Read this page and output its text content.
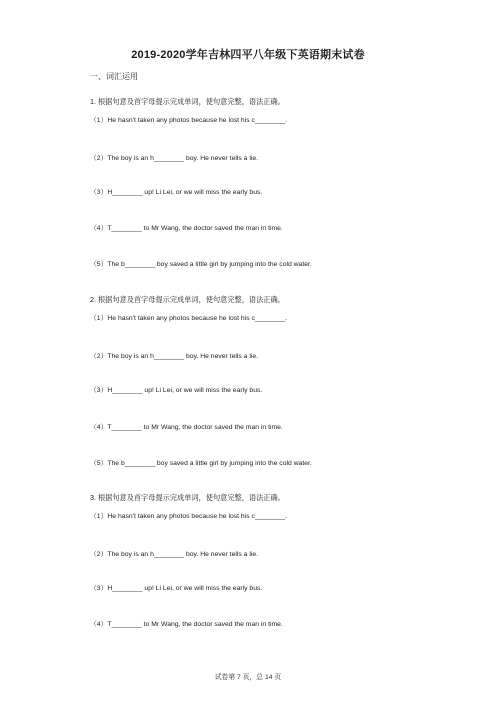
2019-2020学年吉林四平八年级下英语期末试卷
一、词汇运用
1. 根据句意及首字母提示完成单词，使句意完整，语法正确。
（1）He hasn't taken any photos because he lost his c________.
（2）The boy is an h________ boy. He never tells a lie.
（3）H________ up! Li Lei, or we will miss the early bus.
（4）T________ to Mr Wang, the doctor saved the man in time.
（5）The b________ boy saved a little girl by jumping into the cold water.
2. 根据句意及首字母提示完成单词，使句意完整，语法正确。
（1）He hasn't taken any photos because he lost his c________.
（2）The boy is an h________ boy. He never tells a lie.
（3）H________ up! Li Lei, or we will miss the early bus.
（4）T________ to Mr Wang, the doctor saved the man in time.
（5）The b________ boy saved a little girl by jumping into the cold water.
3. 根据句意及首字母提示完成单词，使句意完整，语法正确。
（1）He hasn't taken any photos because he lost his c________.
（2）The boy is an h________ boy. He never tells a lie.
（3）H________ up! Li Lei, or we will miss the early bus.
（4）T________ to Mr Wang, the doctor saved the man in time.
试卷第 7 页，总 14 页
